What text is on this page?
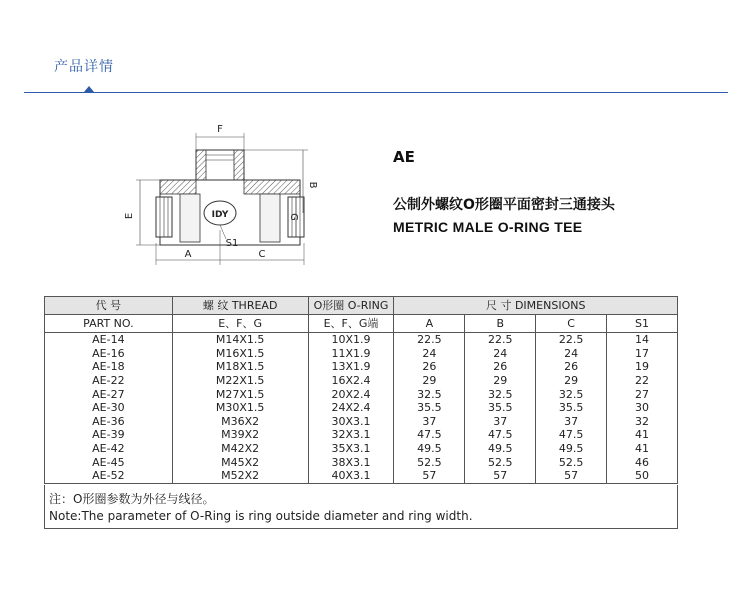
产品详情
IDY
F
B
G
E
A	C
S1
AE
公制外螺纹O形圈平面密封三通接头
METRIC MALE O-RING TEE
代 号	螺 纹 THREAD	O形圈 O-RING	尺 寸 DIMENSIONS			
PART NO.	E、F、G	E、F、G端	A	B	C	S1
AE-14	M14X1.5	10X1.9	22.5	22.5	22.5	14
AE-16	M16X1.5	11X1.9	24	24	24	17
AE-18	M18X1.5	13X1.9	26	26	26	19
AE-22	M22X1.5	16X2.4	29	29	29	22
AE-27	M27X1.5	20X2.4	32.5	32.5	32.5	27
AE-30	M30X1.5	24X2.4	35.5	35.5	35.5	30
AE-36	M36X2	30X3.1	37	37	37	32
AE-39	M39X2	32X3.1	47.5	47.5	47.5	41
AE-42	M42X2	35X3.1	49.5	49.5	49.5	41
AE-45	M45X2	38X3.1	52.5	52.5	52.5	46
AE-52	M52X2	40X3.1	57	57	57	50
注：O形圈参数为外径与线径。
Note:The parameter of O-Ring is ring outside diameter and ring width.
